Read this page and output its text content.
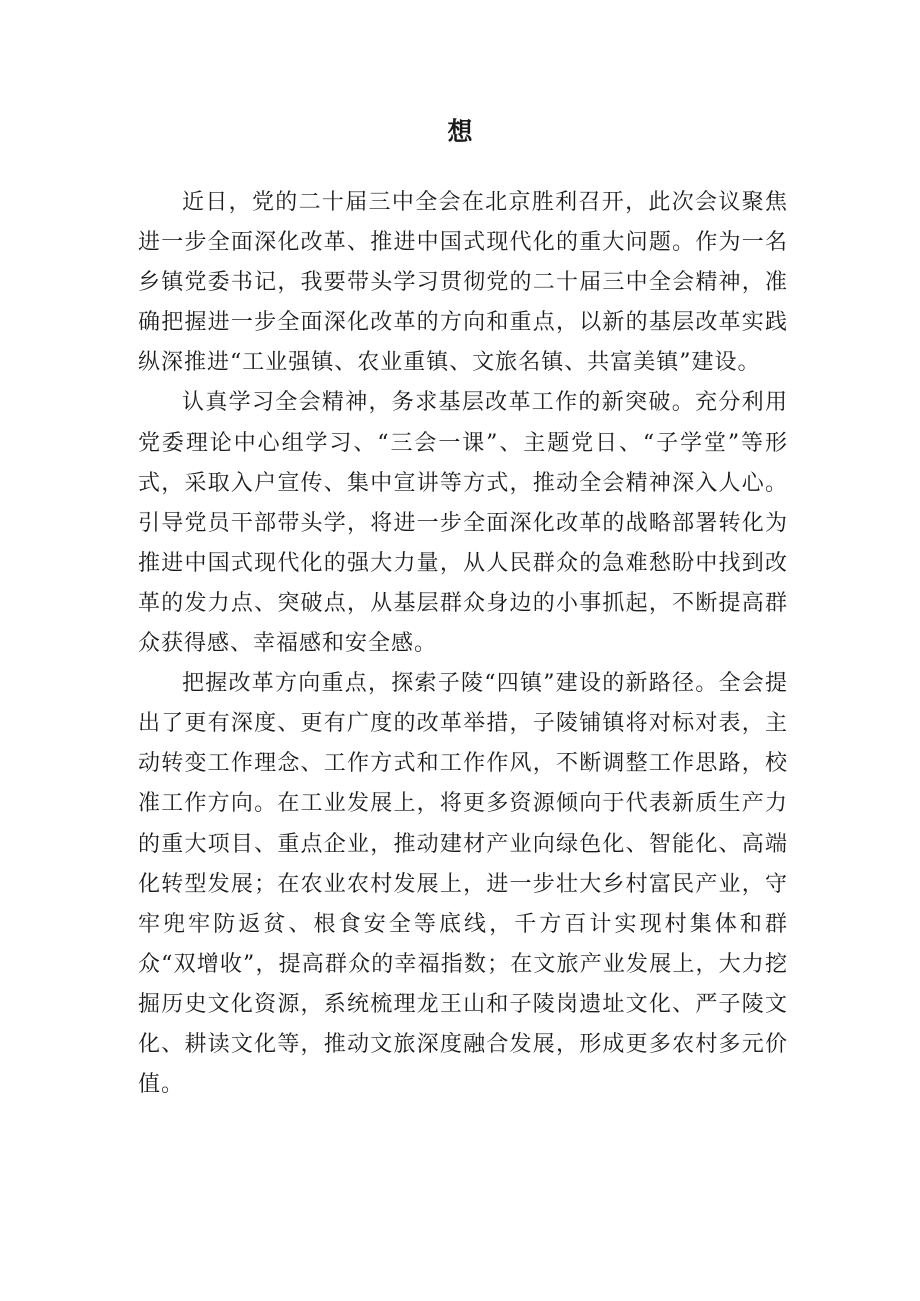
想

近日，党的二十届三中全会在北京胜利召开，此次会议聚焦进一步全面深化改革、推进中国式现代化的重大问题。作为一名乡镇党委书记，我要带头学习贯彻党的二十届三中全会精神，准确把握进一步全面深化改革的方向和重点，以新的基层改革实践纵深推进“工业强镇、农业重镇、文旅名镇、共富美镇”建设。

认真学习全会精神，务求基层改革工作的新突破。充分利用党委理论中心组学习、“三会一课”、主题党日、“子学堂”等形式，采取入户宣传、集中宣讲等方式，推动全会精神深入人心。引导党员干部带头学，将进一步全面深化改革的战略部署转化为推进中国式现代化的强大力量，从人民群众的急难愁盼中找到改革的发力点、突破点，从基层群众身边的小事抓起，不断提高群众获得感、幸福感和安全感。

把握改革方向重点，探索子陵“四镇”建设的新路径。全会提出了更有深度、更有广度的改革举措，子陵铺镇将对标对表，主动转变工作理念、工作方式和工作作风，不断调整工作思路，校准工作方向。在工业发展上，将更多资源倾向于代表新质生产力的重大项目、重点企业，推动建材产业向绿色化、智能化、高端化转型发展；在农业农村发展上，进一步壮大乡村富民产业，守牢兜牢防返贫、根食安全等底线，千方百计实现村集体和群众“双增收”，提高群众的幸福指数；在文旅产业发展上，大力挖掘历史文化资源，系统梳理龙王山和子陵岗遗址文化、严子陵文化、耕读文化等，推动文旅深度融合发展，形成更多农村多元价值。
